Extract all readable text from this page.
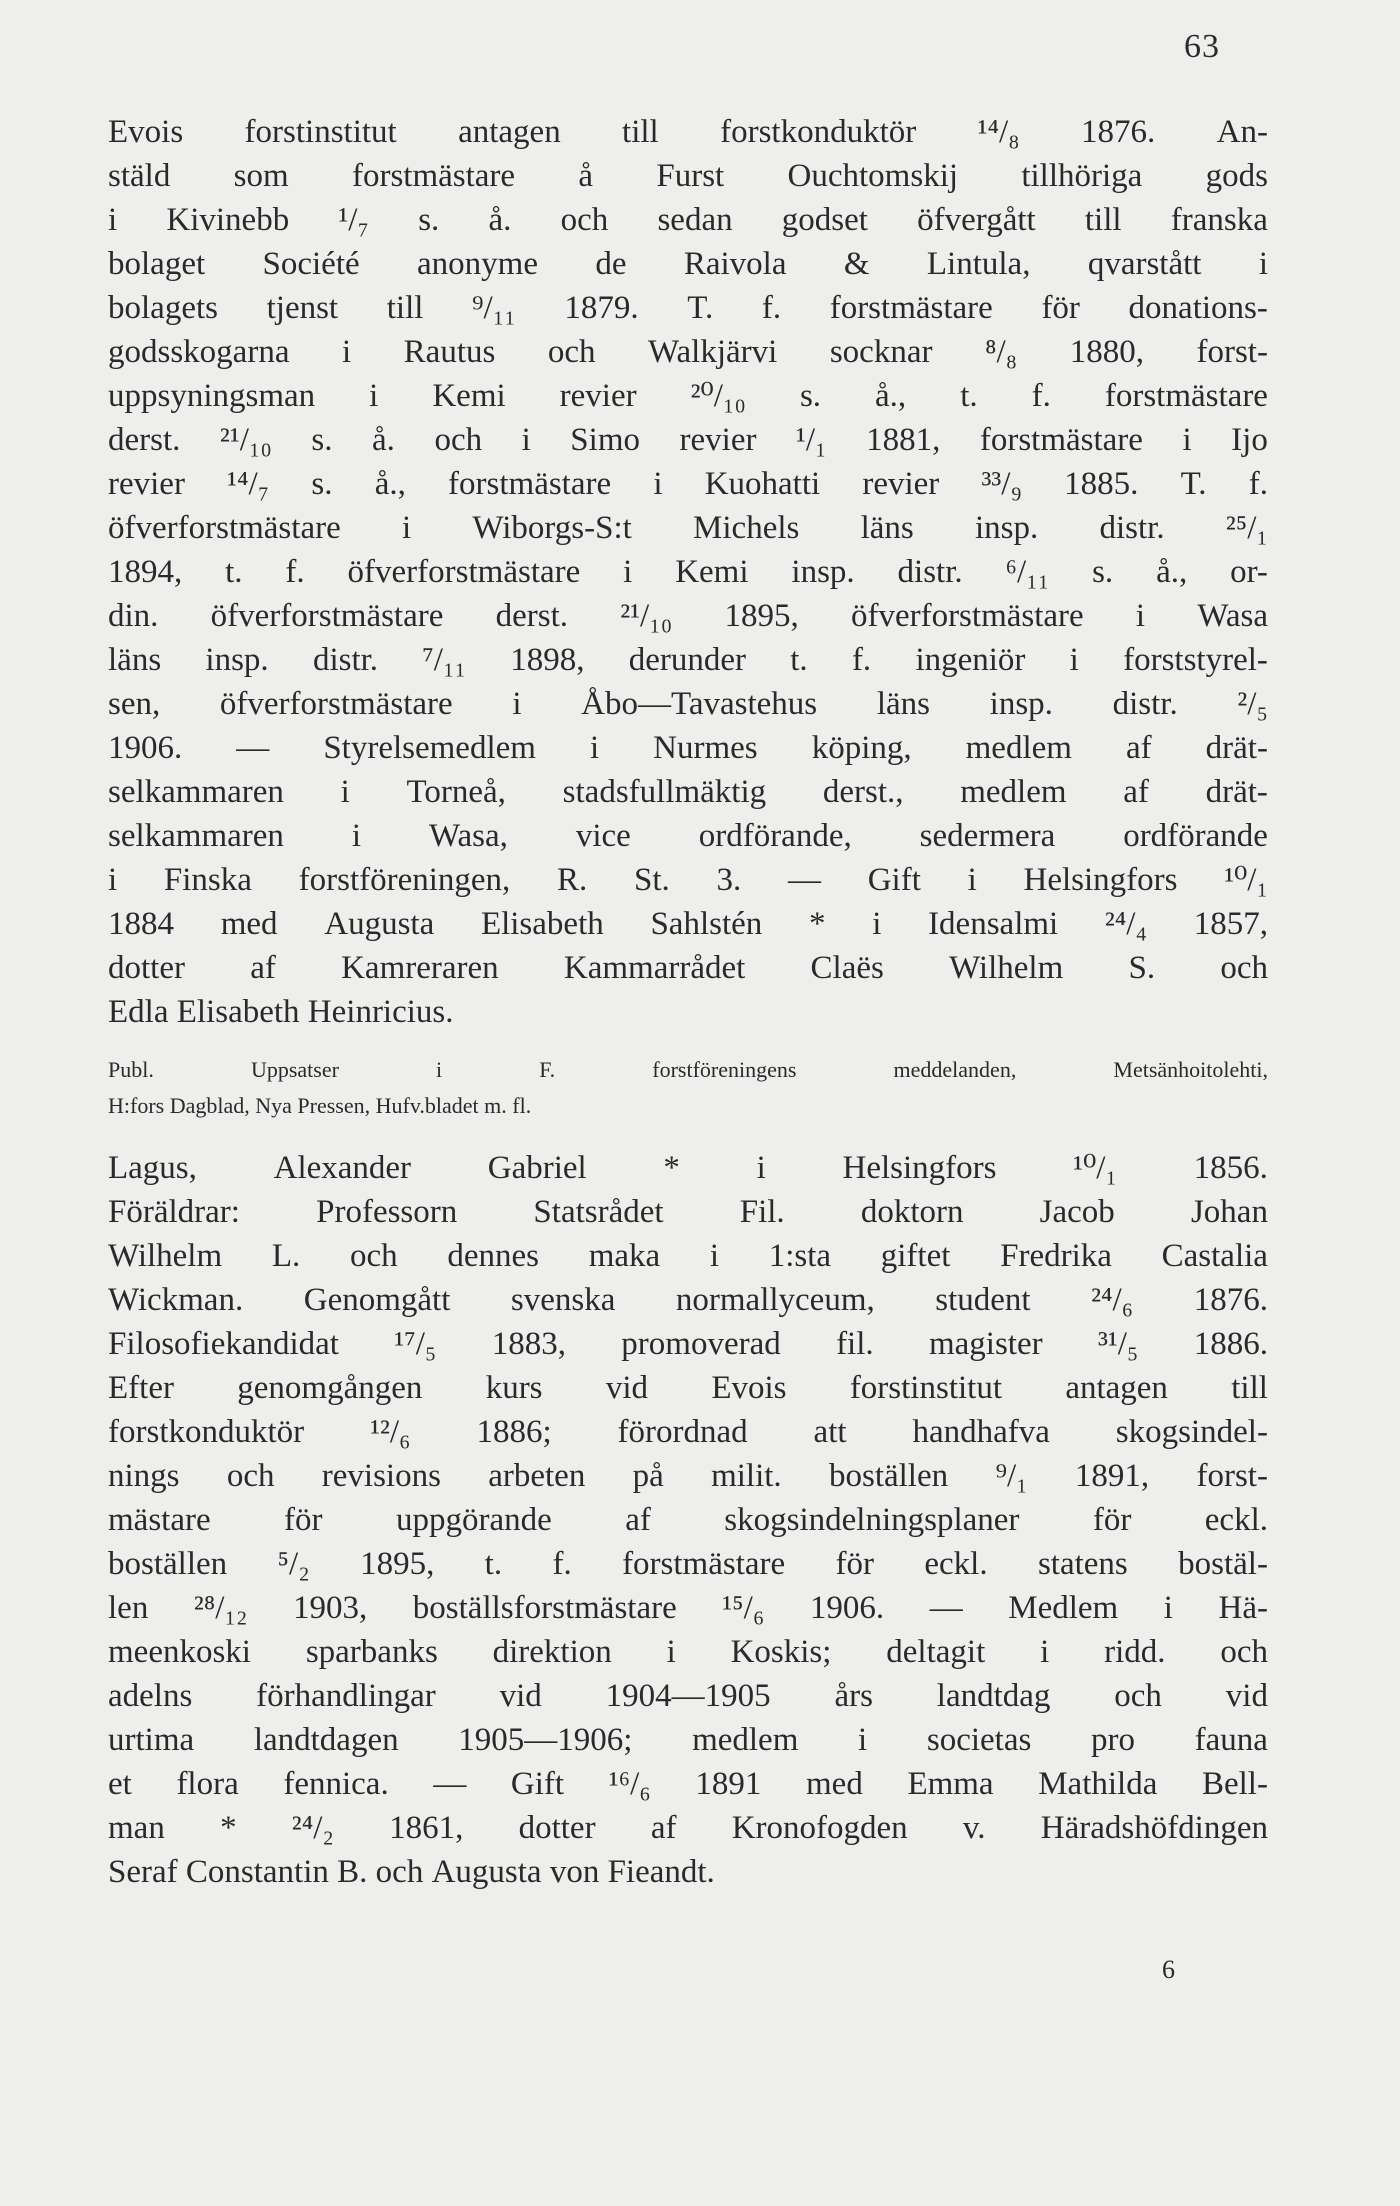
63
Evois forstinstitut antagen till forstkonduktör ¹⁴/₈ 1876. An-
stäld som forstmästare å Furst Ouchtomskij tillhöriga gods
i Kivinebb ¹/₇ s. å. och sedan godset öfvergått till franska
bolaget Société anonyme de Raivola & Lintula, qvarstått i
bolagets tjenst till ⁹/₁₁ 1879. T. f. forstmästare för donations-
godsskogarna i Rautus och Walkjärvi socknar ⁸/₈ 1880, forst-
uppsyningsman i Kemi revier ²⁰/₁₀ s. å., t. f. forstmästare
derst. ²¹/₁₀ s. å. och i Simo revier ¹/₁ 1881, forstmästare i Ijo
revier ¹⁴/₇ s. å., forstmästare i Kuohatti revier ³³/₉ 1885. T. f.
öfverforstmästare i Wiborgs-S:t Michels läns insp. distr. ²⁵/₁
1894, t. f. öfverforstmästare i Kemi insp. distr. ⁶/₁₁ s. å., or-
din. öfverforstmästare derst. ²¹/₁₀ 1895, öfverforstmästare i Wasa
läns insp. distr. ⁷/₁₁ 1898, derunder t. f. ingeniör i forststyrel-
sen, öfverforstmästare i Åbo—Tavastehus läns insp. distr. ²/₅
1906. — Styrelsemedlem i Nurmes köping, medlem af drät-
selkammaren i Torneå, stadsfullmäktig derst., medlem af drät-
selkammaren i Wasa, vice ordförande, sedermera ordförande
i Finska forstföreningen, R. St. 3. — Gift i Helsingfors ¹⁰/₁
1884 med Augusta Elisabeth Sahlstén * i Idensalmi ²⁴/₄ 1857,
dotter af Kamreraren Kammarrådet Claës Wilhelm S. och
Edla Elisabeth Heinricius.
Publ.	Uppsatser	i	F.	forstföreningens	meddelanden,	Metsänhoitolehti,
H:fors Dagblad, Nya Pressen, Hufv.bladet m. fl.
Lagus, Alexander Gabriel * i Helsingfors ¹⁰/₁ 1856.
Föräldrar: Professorn Statsrådet Fil. doktorn Jacob Johan
Wilhelm L. och dennes maka i 1:sta giftet Fredrika Castalia
Wickman. Genomgått svenska normallyceum, student ²⁴/₆ 1876.
Filosofiekandidat ¹⁷/₅ 1883, promoverad fil. magister ³¹/₅ 1886.
Efter genomgången kurs vid Evois forstinstitut antagen till
forstkonduktör ¹²/₆ 1886; förordnad att handhafva skogsindel-
nings och revisions arbeten på milit. boställen ⁹/₁ 1891, forst-
mästare för uppgörande af skogsindelningsplaner för eckl.
boställen ⁵/₂ 1895, t. f. forstmästare för eckl. statens bostäl-
len ²⁸/₁₂ 1903, boställsforstmästare ¹⁵/₆ 1906. — Medlem i Hä-
meenkoski sparbanks direktion i Koskis; deltagit i ridd. och
adelns förhandlingar vid 1904—1905 års landtdag och vid
urtima landtdagen 1905—1906; medlem i societas pro fauna
et flora fennica. — Gift ¹⁶/₆ 1891 med Emma Mathilda Bell-
man * ²⁴/₂ 1861, dotter af Kronofogden v. Häradshöfdingen
Seraf Constantin B. och Augusta von Fieandt.
6
